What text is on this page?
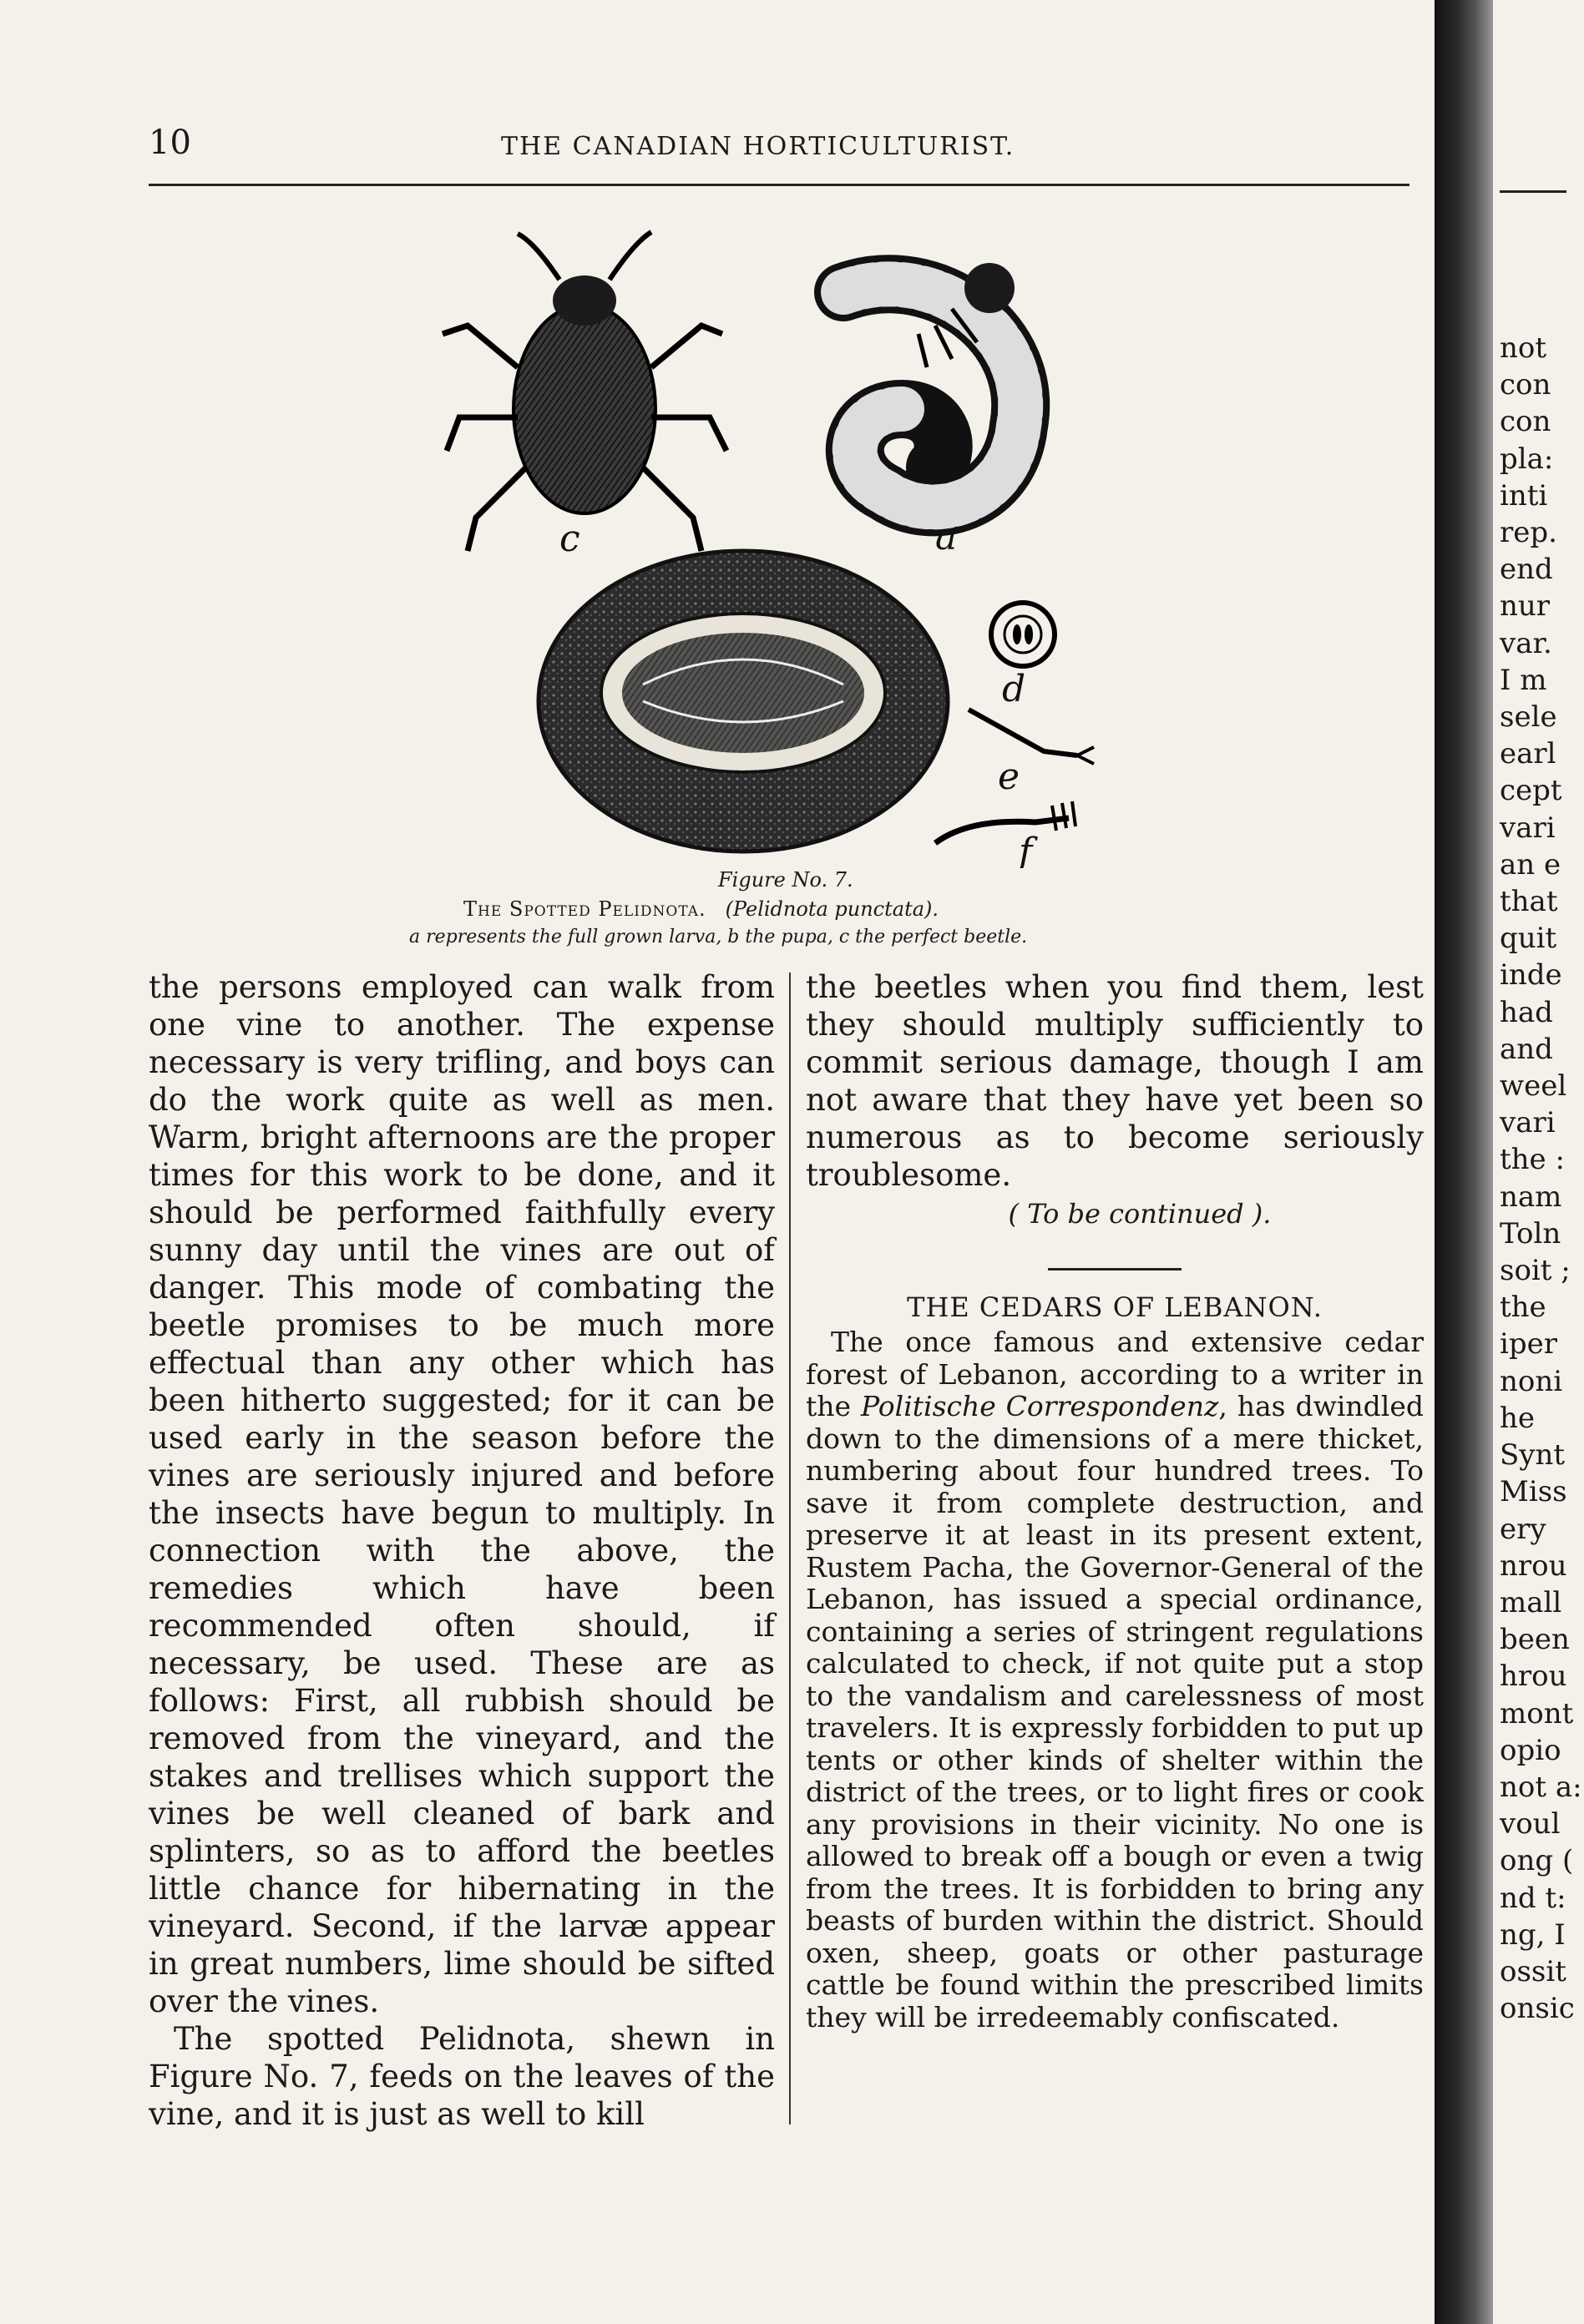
10	THE CANADIAN HORTICULTURIST.
c	a
d
e
f
Figure No. 7.
The Spotted Pelidnota. (Pelidnota punctata).
a represents the full grown larva, b the pupa, c the perfect beetle.

the persons employed can walk from one vine to another. The expense necessary is very trifling, and boys can do the work quite as well as men. Warm, bright afternoons are the proper times for this work to be done, and it should be performed faithfully every sunny day until the vines are out of danger. This mode of combating the beetle promises to be much more effectual than any other which has been hitherto suggested; for it can be used early in the season before the vines are seriously injured and before the insects have begun to multiply. In connection with the above, the remedies which have been recommended often should, if necessary, be used. These are as follows: First, all rubbish should be removed from the vineyard, and the stakes and trellises which support the vines be well cleaned of bark and splinters, so as to afford the beetles little chance for hibernating in the vineyard. Second, if the larvæ appear in great numbers, lime should be sifted over the vines.

The spotted Pelidnota, shewn in Figure No. 7, feeds on the leaves of the vine, and it is just as well to kill

the beetles when you find them, lest they should multiply sufficiently to commit serious damage, though I am not aware that they have yet been so numerous as to become seriously troublesome.

( To be continued ).

THE CEDARS OF LEBANON.

The once famous and extensive cedar forest of Lebanon, according to a writer in the Politische Correspondenz, has dwindled down to the dimensions of a mere thicket, numbering about four hundred trees. To save it from complete destruction, and preserve it at least in its present extent, Rustem Pacha, the Governor-General of the Lebanon, has issued a special ordinance, containing a series of stringent regulations calculated to check, if not quite put a stop to the vandalism and carelessness of most travelers. It is expressly forbidden to put up tents or other kinds of shelter within the district of the trees, or to light fires or cook any provisions in their vicinity. No one is allowed to break off a bough or even a twig from the trees. It is forbidden to bring any beasts of burden within the district. Should oxen, sheep, goats or other pasturage cattle be found within the prescribed limits they will be irredeemably confiscated.

not
con
con
pla:
inti
rep.
end
nur
var.
I m
sele
earl
cept
vari
an e
that
quit
inde
had
and
weel
vari
the :
nam
Toln
soit ;
the
iper
noni
he
Synt
Miss
ery
nrou
mall
been
hrou
mont
opio
not a:
voul
ong (
nd t:
ng, I
ossit
onsic
